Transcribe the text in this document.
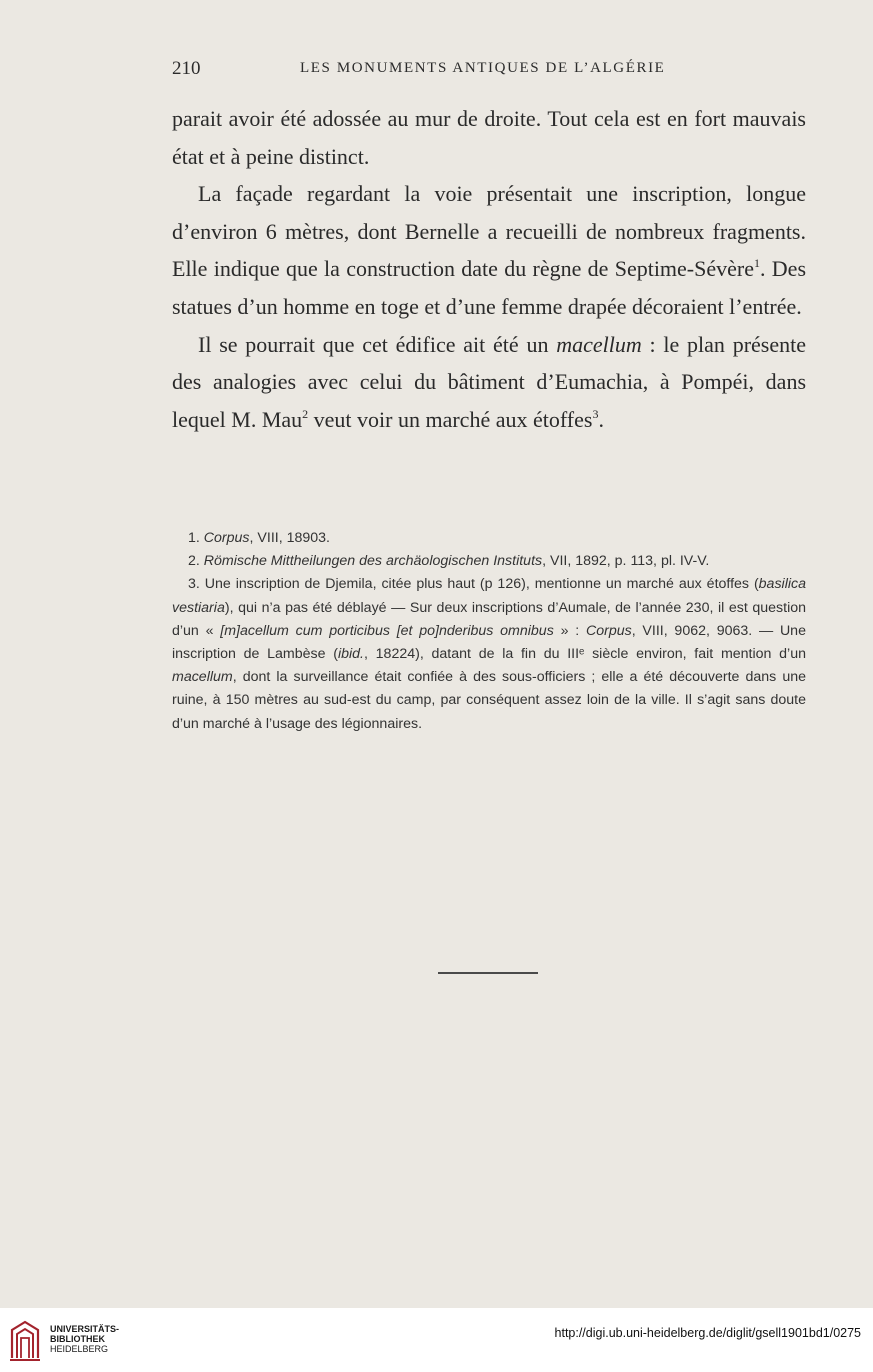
210	LES MONUMENTS ANTIQUES DE L’ALGÉRIE

parait avoir été adossée au mur de droite. Tout cela est en fort mauvais état et à peine distinct.

La façade regardant la voie présentait une inscription, longue d’environ 6 mètres, dont Bernelle a recueilli de nombreux fragments. Elle indique que la construction date du règne de Septime-Sévère$^1$. Des statues d’un homme en toge et d’une femme drapée décoraient l’entrée.

Il se pourrait que cet édifice ait été un macellum : le plan présente des analogies avec celui du bâtiment d’Eumachia, à Pompéi, dans lequel M. Mau$^2$ veut voir un marché aux étoffes$^3$.

1. Corpus, VIII, 18903.

2. Römische Mittheilungen des archäologischen Instituts, VII, 1892, p. 113, pl. IV-V.

3. Une inscription de Djemila, citée plus haut (p 126), mentionne un marché aux étoffes (basilica vestiaria), qui n’a pas été déblayé — Sur deux inscriptions d’Aumale, de l’année 230, il est question d’un « [m]acellum cum porticibus [et po]nderibus omnibus » : Corpus, VIII, 9062, 9063. — Une inscription de Lambèse (ibid., 18224), datant de la fin du IIIᵉ siècle environ, fait mention d’un macellum, dont la surveillance était confiée à des sous-officiers ; elle a été découverte dans une ruine, à 150 mètres au sud-est du camp, par conséquent assez loin de la ville. Il s’agit sans doute d’un marché à l’usage des légionnaires.

UNIVERSITÄTS-
BIBLIOTHEK
HEIDELBERG
http://digi.ub.uni-heidelberg.de/diglit/gsell1901bd1/0275
